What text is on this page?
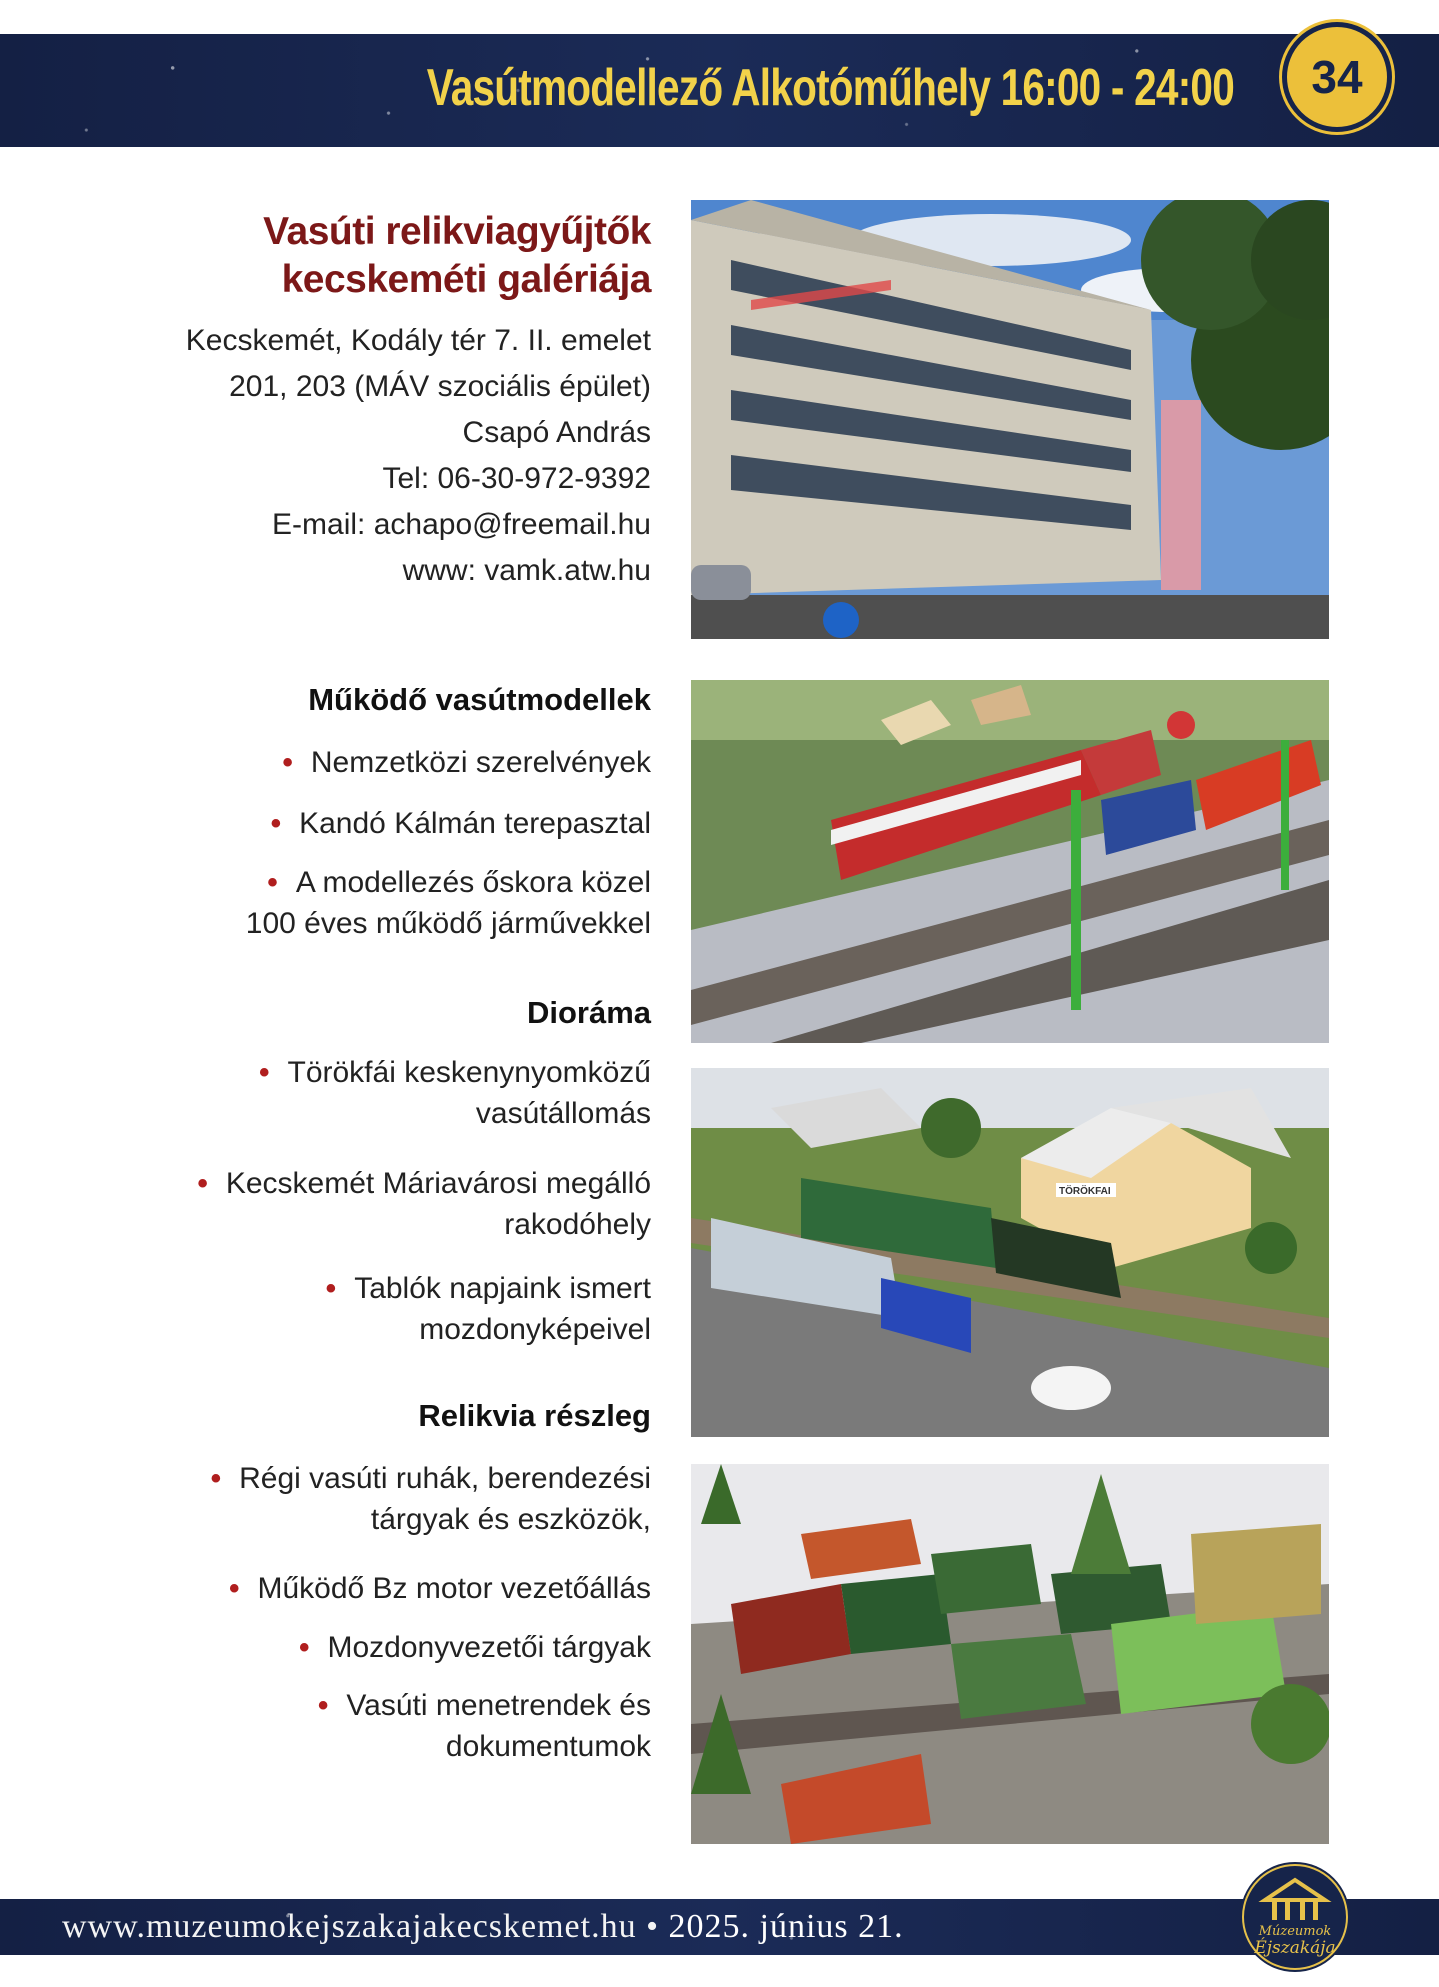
Vasútmodellező Alkotóműhely 16:00 - 24:00	34
Vasúti relikviagyűjtők
kecskeméti galériája
Kecskemét, Kodály tér 7. II. emelet
201, 203 (MÁV szociális épület)
Csapó András
Tel: 06-30-972-9392
E-mail: achapo@freemail.hu
www: vamk.atw.hu
Működő vasútmodellek
• Nemzetközi szerelvények
• Kandó Kálmán terepasztal
• A modellezés őskora közel
100 éves működő járművekkel
Dioráma
• Törökfái keskenynyomközű
vasútállomás
• Kecskemét Máriavárosi megálló
rakodóhely
• Tablók napjaink ismert
mozdonyképeivel
Relikvia részleg
• Régi vasúti ruhák, berendezési
tárgyak és eszközök,
• Működő Bz motor vezetőállás
• Mozdonyvezetői tárgyak
• Vasúti menetrendek és
dokumentumok
TÖRÖKFAI
www.muzeumokejszakajakecskemet.hu • 2025. június 21.	Múzeumok
Éjszakája
